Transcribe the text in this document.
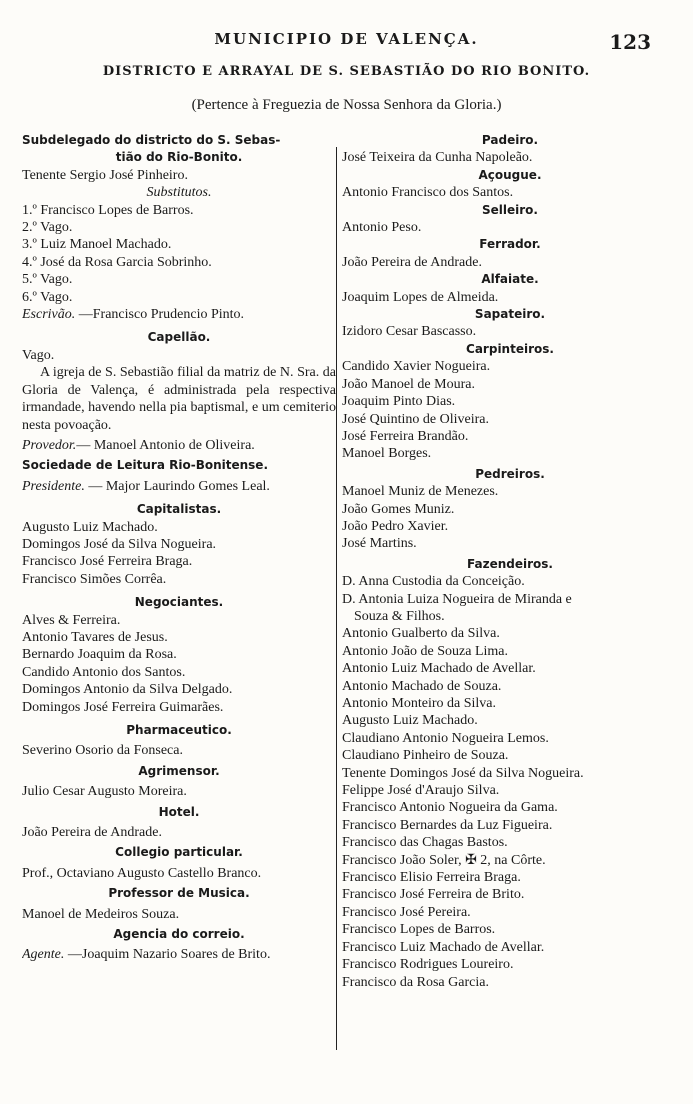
MUNICIPIO DE VALENÇA.	123
DISTRICTO E ARRAYAL DE S. SEBASTIÃO DO RIO BONITO.
(Pertence à Freguezia de Nossa Senhora da Gloria.)
Subdelegado do districto do S. Sebas-
tião do Rio-Bonito.
Tenente Sergio José Pinheiro.
Substitutos.
1.º Francisco Lopes de Barros.
2.º Vago.
3.º Luiz Manoel Machado.
4.º José da Rosa Garcia Sobrinho.
5.º Vago.
6.º Vago.
Escrivão. —Francisco Prudencio Pinto.
Capellão.
Vago.
A igreja de S. Sebastião filial da matriz de N. Sra. da Gloria de Valença, é administrada pela respectiva irmandade, havendo nella pia baptismal, e um cemiterio nesta povoação.
Provedor.— Manoel Antonio de Oliveira.
Sociedade de Leitura Rio-Bonitense.
Presidente. — Major Laurindo Gomes Leal.
Capitalistas.
Augusto Luiz Machado.
Domingos José da Silva Nogueira.
Francisco José Ferreira Braga.
Francisco Simões Corrêa.
Negociantes.
Alves & Ferreira.
Antonio Tavares de Jesus.
Bernardo Joaquim da Rosa.
Candido Antonio dos Santos.
Domingos Antonio da Silva Delgado.
Domingos José Ferreira Guimarães.
Pharmaceutico.
Severino Osorio da Fonseca.
Agrimensor.
Julio Cesar Augusto Moreira.
Hotel.
João Pereira de Andrade.
Collegio particular.
Prof., Octaviano Augusto Castello Branco.
Professor de Musica.
Manoel de Medeiros Souza.
Agencia do correio.
Agente. —Joaquim Nazario Soares de Brito.
Padeiro.
José Teixeira da Cunha Napoleão.
Açougue.
Antonio Francisco dos Santos.
Selleiro.
Antonio Peso.
Ferrador.
João Pereira de Andrade.
Alfaiate.
Joaquim Lopes de Almeida.
Sapateiro.
Izidoro Cesar Bascasso.
Carpinteiros.
Candido Xavier Nogueira.
João Manoel de Moura.
Joaquim Pinto Dias.
José Quintino de Oliveira.
José Ferreira Brandão.
Manoel Borges.
Pedreiros.
Manoel Muniz de Menezes.
João Gomes Muniz.
João Pedro Xavier.
José Martins.
Fazendeiros.
D. Anna Custodia da Conceição.
D. Antonia Luiza Nogueira de Miranda e
Souza & Filhos.
Antonio Gualberto da Silva.
Antonio João de Souza Lima.
Antonio Luiz Machado de Avellar.
Antonio Machado de Souza.
Antonio Monteiro da Silva.
Augusto Luiz Machado.
Claudiano Antonio Nogueira Lemos.
Claudiano Pinheiro de Souza.
Tenente Domingos José da Silva Nogueira.
Felippe José d'Araujo Silva.
Francisco Antonio Nogueira da Gama.
Francisco Bernardes da Luz Figueira.
Francisco das Chagas Bastos.
Francisco João Soler, ✠ 2, na Côrte.
Francisco Elisio Ferreira Braga.
Francisco José Ferreira de Brito.
Francisco José Pereira.
Francisco Lopes de Barros.
Francisco Luiz Machado de Avellar.
Francisco Rodrigues Loureiro.
Francisco da Rosa Garcia.
